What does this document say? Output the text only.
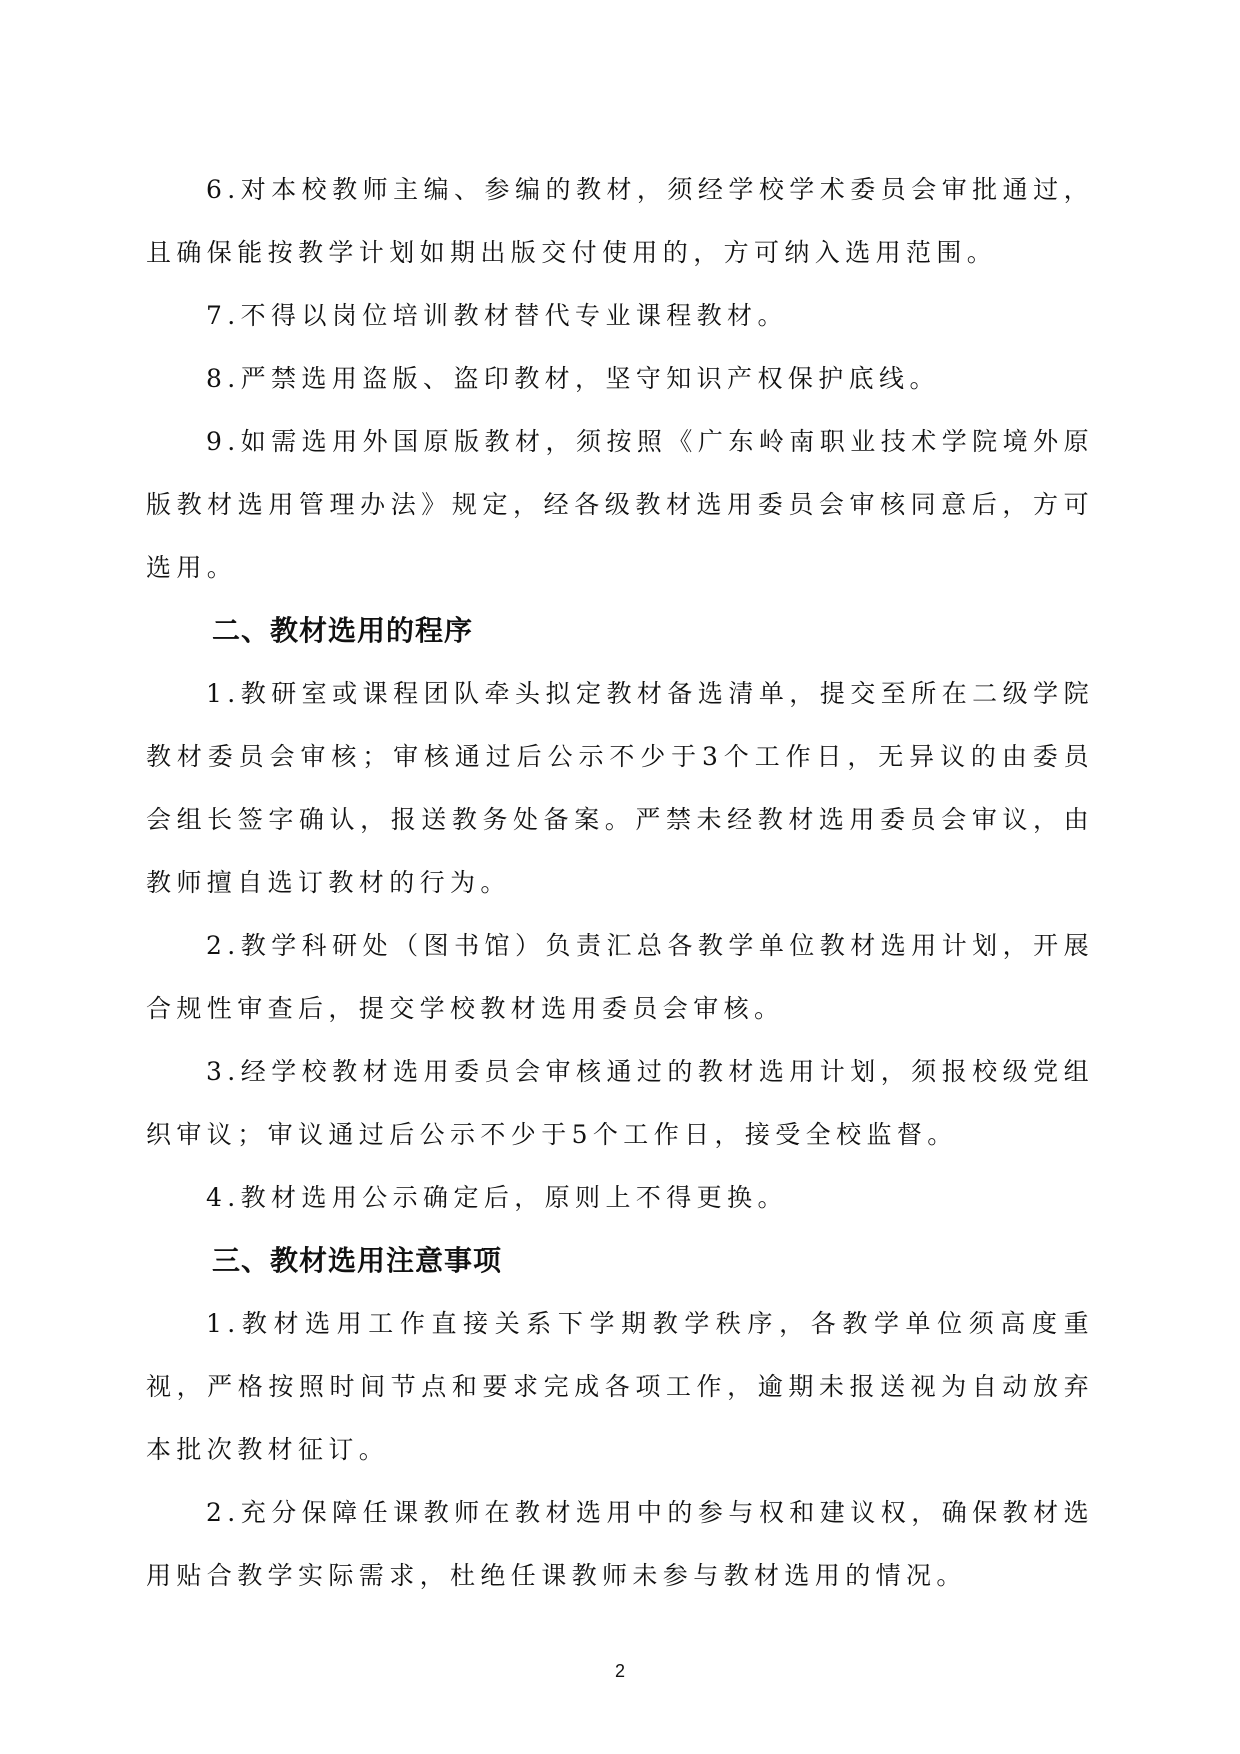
6.对本校教师主编、参编的教材，须经学校学术委员会审批通过，且确保能按教学计划如期出版交付使用的，方可纳入选用范围。

7.不得以岗位培训教材替代专业课程教材。

8.严禁选用盗版、盗印教材，坚守知识产权保护底线。

9.如需选用外国原版教材，须按照《广东岭南职业技术学院境外原版教材选用管理办法》规定，经各级教材选用委员会审核同意后，方可选用。

二、教材选用的程序

1.教研室或课程团队牵头拟定教材备选清单，提交至所在二级学院教材委员会审核；审核通过后公示不少于3个工作日，无异议的由委员会组长签字确认，报送教务处备案。严禁未经教材选用委员会审议，由教师擅自选订教材的行为。

2.教学科研处（图书馆）负责汇总各教学单位教材选用计划，开展合规性审查后，提交学校教材选用委员会审核。

3.经学校教材选用委员会审核通过的教材选用计划，须报校级党组织审议；审议通过后公示不少于5个工作日，接受全校监督。

4.教材选用公示确定后，原则上不得更换。

三、教材选用注意事项

1.教材选用工作直接关系下学期教学秩序，各教学单位须高度重视，严格按照时间节点和要求完成各项工作，逾期未报送视为自动放弃本批次教材征订。

2.充分保障任课教师在教材选用中的参与权和建议权，确保教材选用贴合教学实际需求，杜绝任课教师未参与教材选用的情况。

2
